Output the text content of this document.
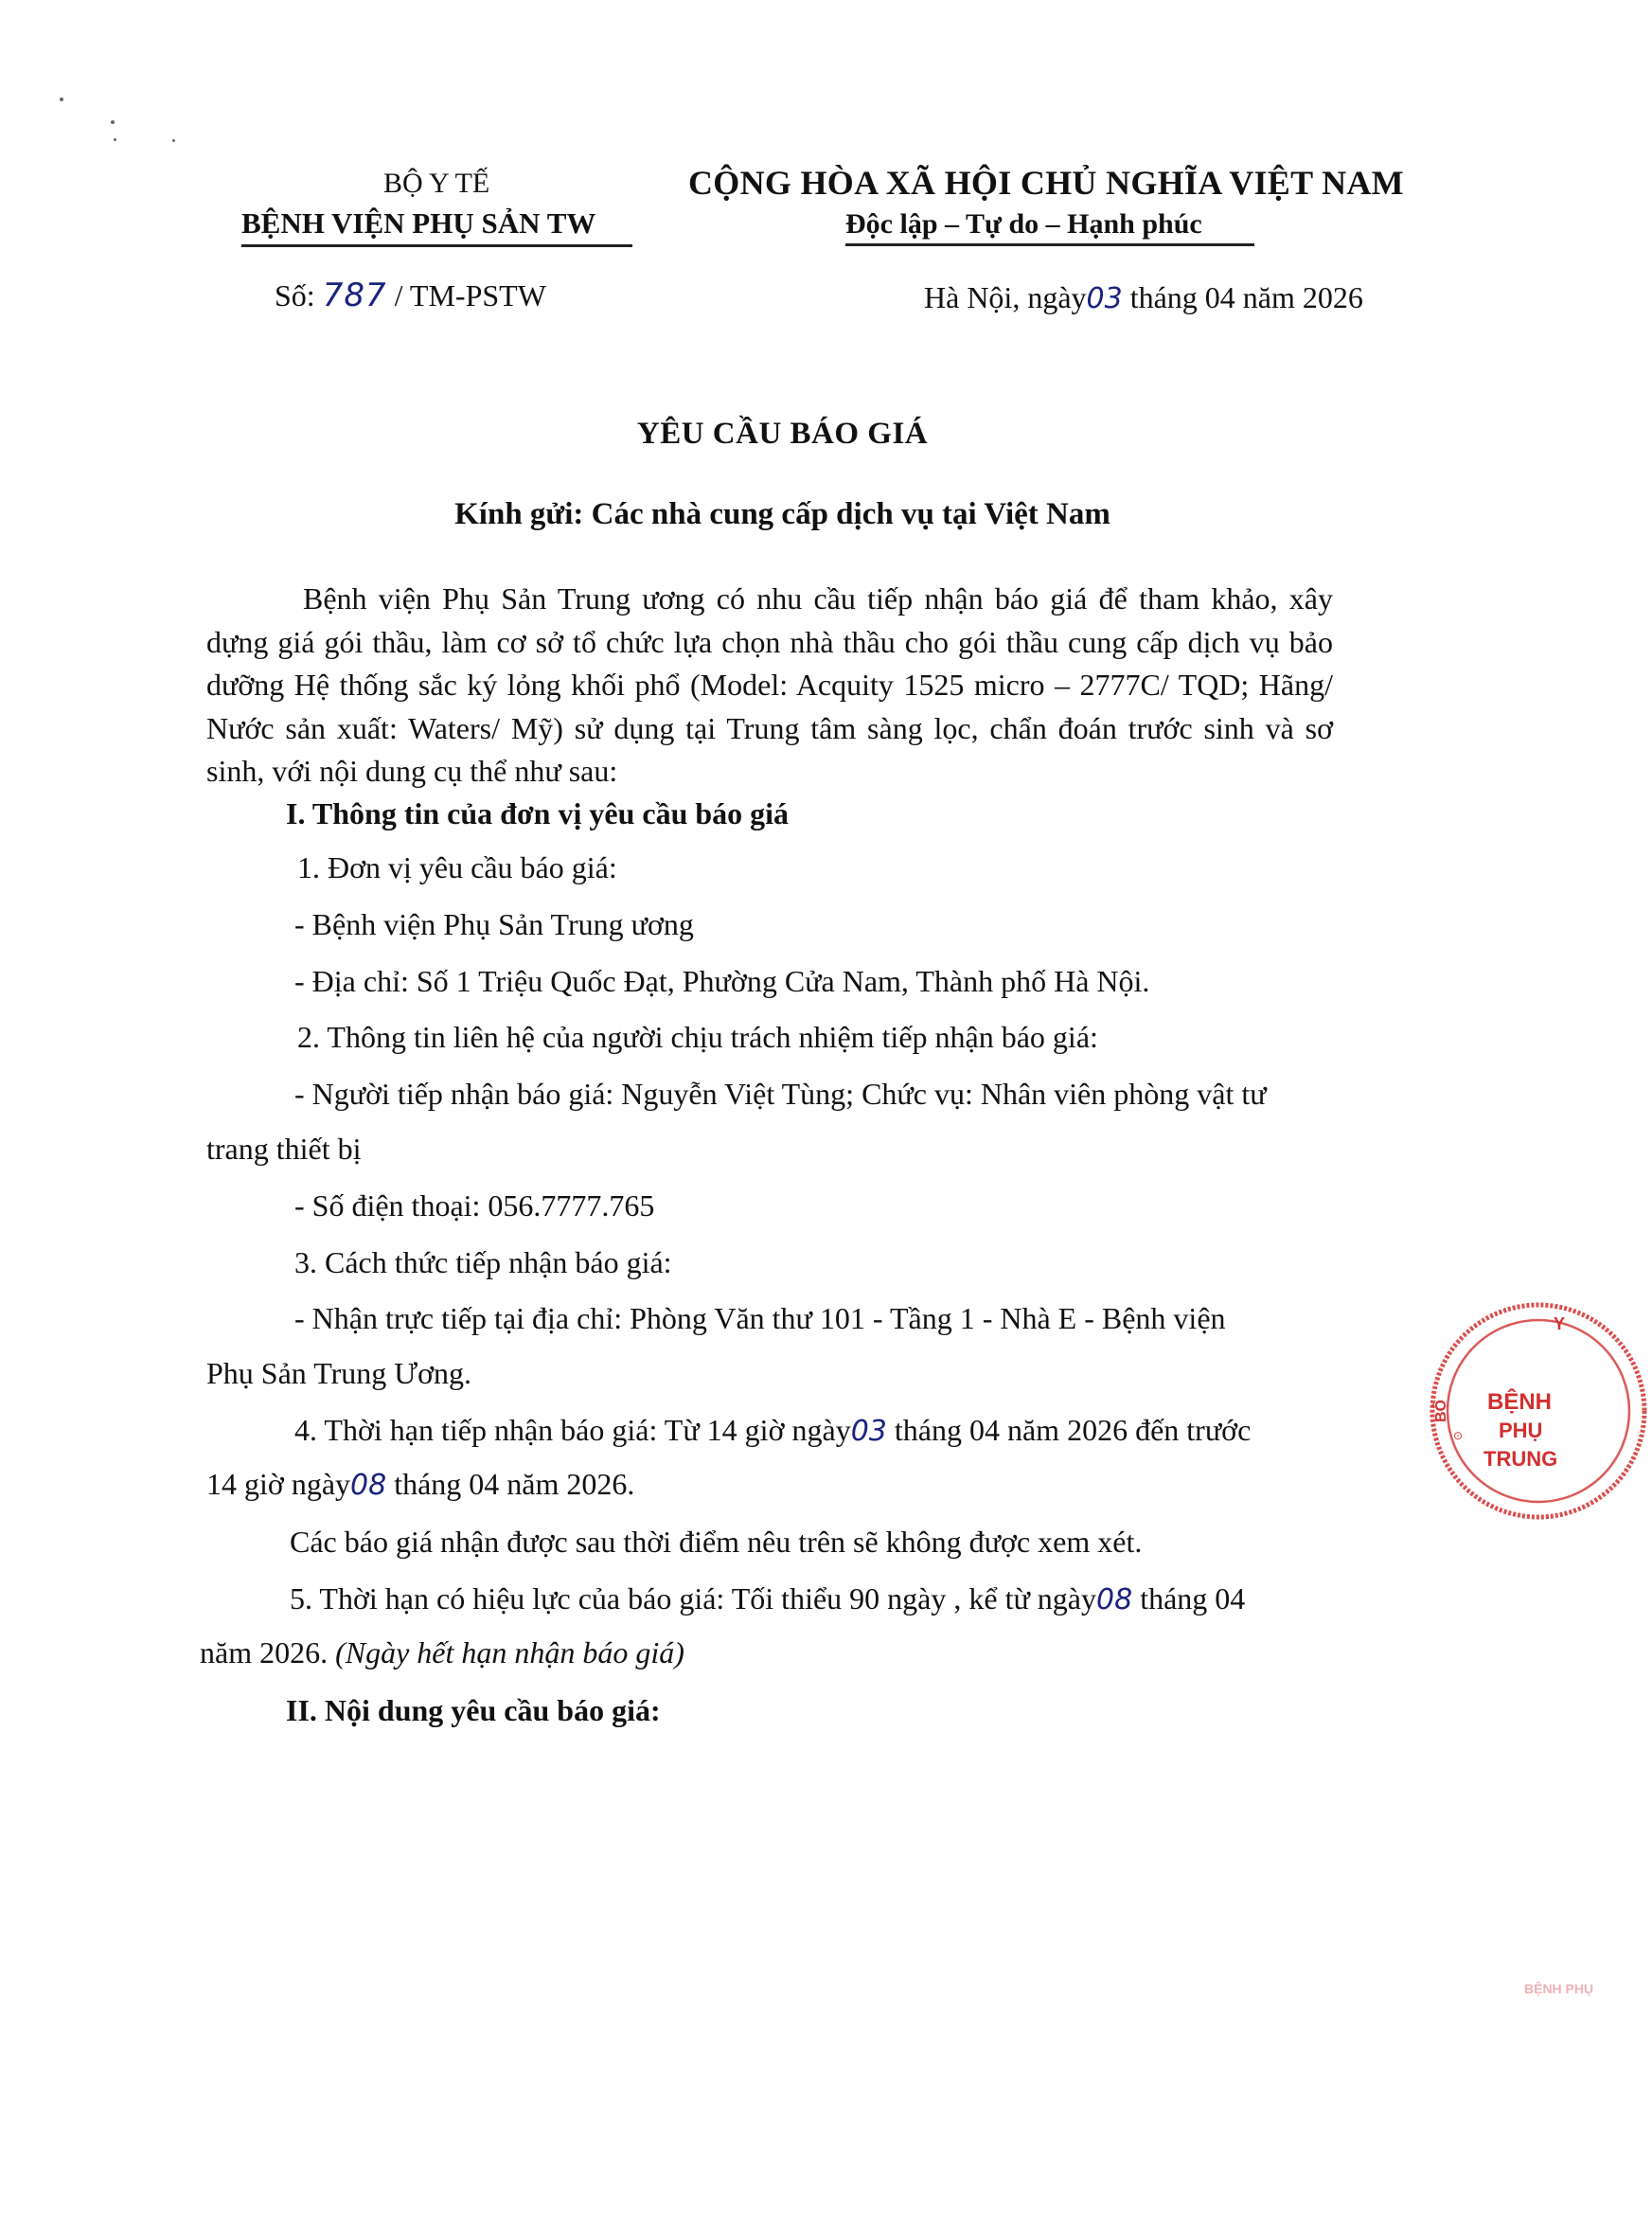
BỘ Y TẾ
BỆNH VIỆN PHỤ SẢN TW
CỘNG HÒA XÃ HỘI CHỦ NGHĨA VIỆT NAM
Độc lập – Tự do – Hạnh phúc
Số: 787 / TM-PSTW	Hà Nội, ngày03 tháng 04 năm 2026
YÊU CẦU BÁO GIÁ
Kính gửi: Các nhà cung cấp dịch vụ tại Việt Nam
Bệnh viện Phụ Sản Trung ương có nhu cầu tiếp nhận báo giá để tham khảo, xây dựng giá gói thầu, làm cơ sở tổ chức lựa chọn nhà thầu cho gói thầu cung cấp dịch vụ bảo dưỡng Hệ thống sắc ký lỏng khối phổ (Model: Acquity 1525 micro – 2777C/ TQD; Hãng/ Nước sản xuất: Waters/ Mỹ) sử dụng tại Trung tâm sàng lọc, chẩn đoán trước sinh và sơ sinh, với nội dung cụ thể như sau:
I. Thông tin của đơn vị yêu cầu báo giá
1. Đơn vị yêu cầu báo giá:
- Bệnh viện Phụ Sản Trung ương
- Địa chỉ: Số 1 Triệu Quốc Đạt, Phường Cửa Nam, Thành phố Hà Nội.
2. Thông tin liên hệ của người chịu trách nhiệm tiếp nhận báo giá:
- Người tiếp nhận báo giá: Nguyễn Việt Tùng; Chức vụ: Nhân viên phòng vật tư
trang thiết bị
- Số điện thoại: 056.7777.765
3. Cách thức tiếp nhận báo giá:
- Nhận trực tiếp tại địa chỉ: Phòng Văn thư 101 - Tầng 1 - Nhà E - Bệnh viện
Phụ Sản Trung Ương.
4. Thời hạn tiếp nhận báo giá: Từ 14 giờ ngày03 tháng 04 năm 2026 đến trước
14 giờ ngày08 tháng 04 năm 2026.
Các báo giá nhận được sau thời điểm nêu trên sẽ không được xem xét.
5. Thời hạn có hiệu lực của báo giá: Tối thiểu 90 ngày , kể từ ngày08 tháng 04
năm 2026. (Ngày hết hạn nhận báo giá)
II. Nội dung yêu cầu báo giá:
Y
BỘ BỆNH
PHỤ
TRUNG
⊙
BỆNH PHỤ
